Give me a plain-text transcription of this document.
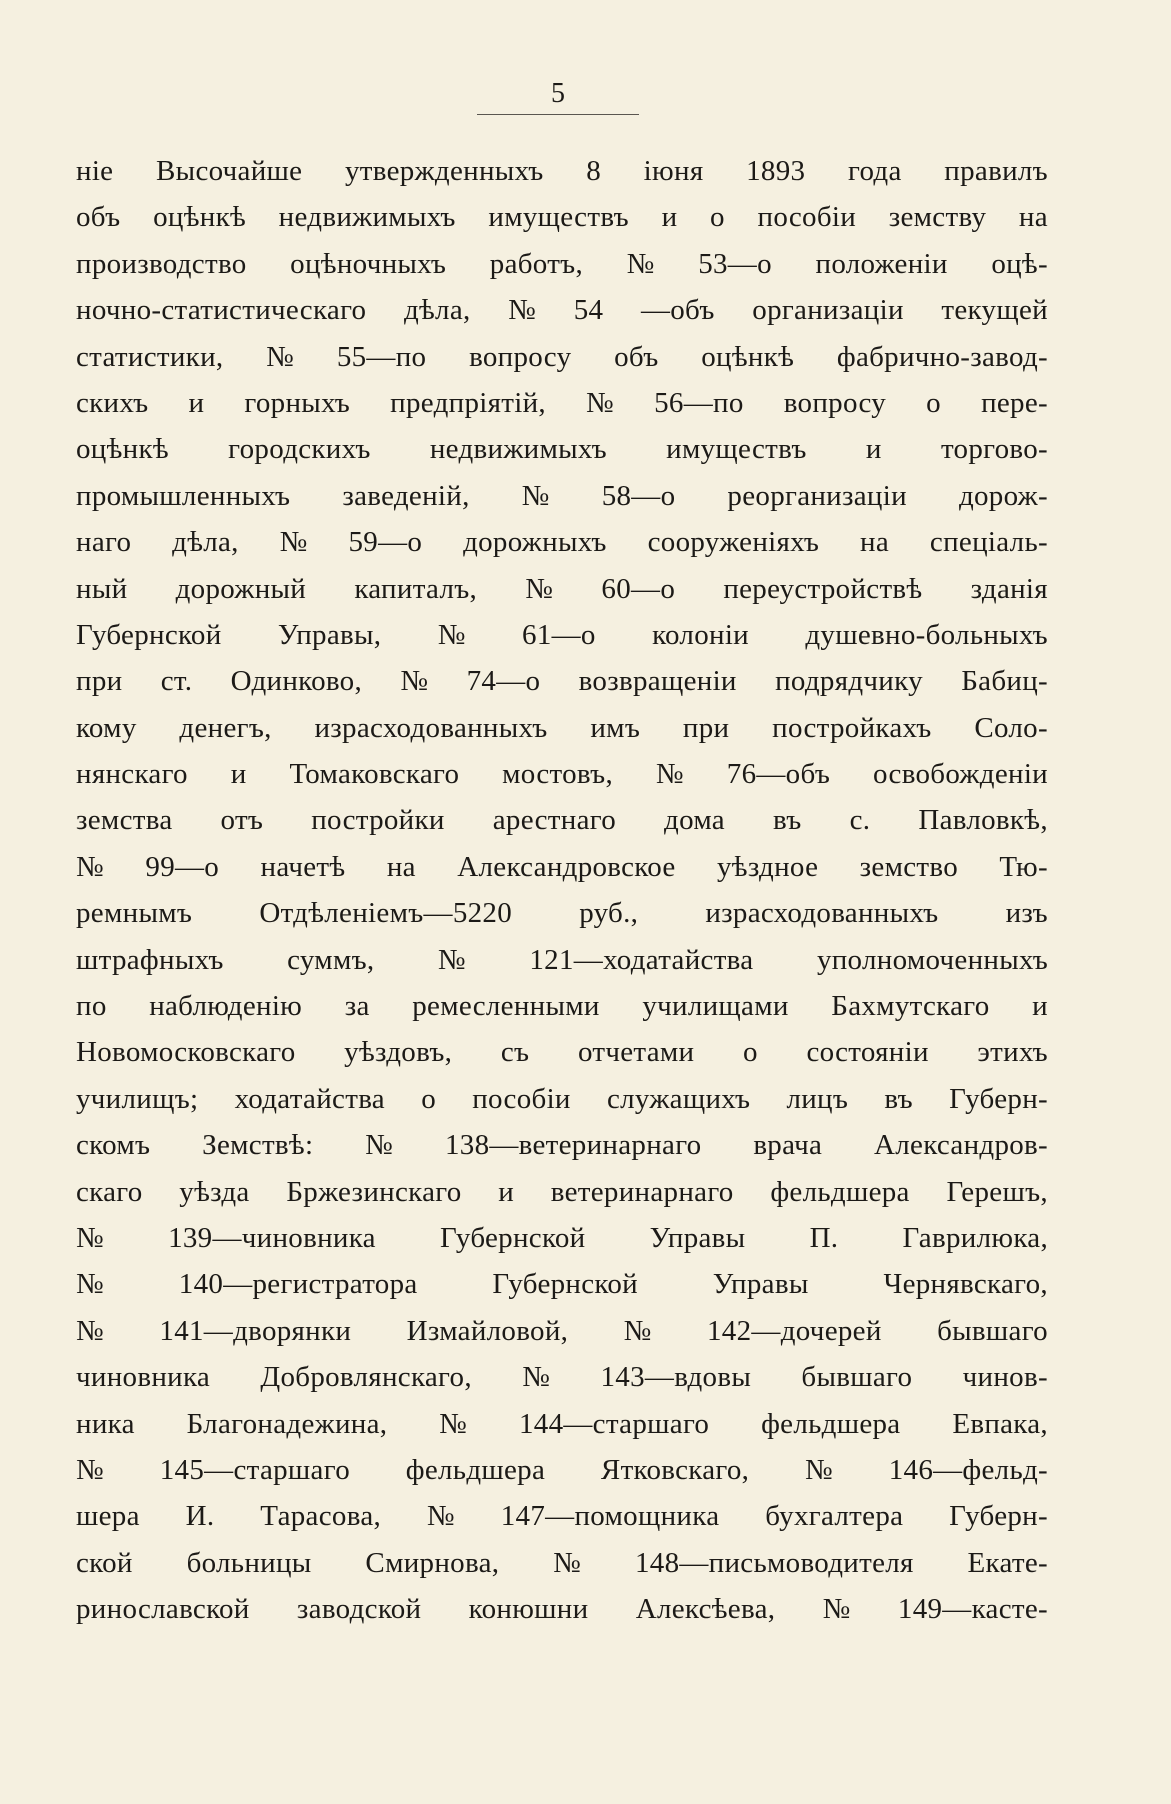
5
ніе Высочайше утвержденныхъ 8 іюня 1893 года правилъ
объ оцѣнкѣ недвижимыхъ имуществъ и о пособіи земству на
производство оцѣночныхъ работъ, № 53—о положеніи оцѣ-
ночно-статистическаго дѣла, № 54 —объ организаціи текущей
статистики, № 55—по вопросу объ оцѣнкѣ фабрично-завод-
скихъ и горныхъ предпріятій, № 56—по вопросу о пере-
оцѣнкѣ городскихъ недвижимыхъ имуществъ и торгово-
промышленныхъ заведеній, № 58—о реорганизаціи дорож-
наго дѣла, № 59—о дорожныхъ сооруженіяхъ на спеціаль-
ный дорожный капиталъ, № 60—о переустройствѣ зданія
Губернской Управы, № 61—о колоніи душевно-больныхъ
при ст. Одинково, № 74—о возвращеніи подрядчику Бабиц-
кому денегъ, израсходованныхъ имъ при постройкахъ Соло-
нянскаго и Томаковскаго мостовъ, № 76—объ освобожденіи
земства отъ постройки арестнаго дома въ с. Павловкѣ,
№ 99—о начетѣ на Александровское уѣздное земство Тю-
ремнымъ Отдѣленіемъ—5220 руб., израсходованныхъ изъ
штрафныхъ суммъ, № 121—ходатайства уполномоченныхъ
по наблюденію за ремесленными училищами Бахмутскаго и
Новомосковскаго уѣздовъ, съ отчетами о состояніи этихъ
училищъ; ходатайства о пособіи служащихъ лицъ въ Губерн-
скомъ Земствѣ: № 138—ветеринарнаго врача Александров-
скаго уѣзда Бржезинскаго и ветеринарнаго фельдшера Герешъ,
№ 139—чиновника Губернской Управы П. Гаврилюка,
№	140—регистратора	Губернской	Управы	Чернявскаго,
№ 141—дворянки Измайловой, № 142—дочерей бывшаго
чиновника Добровлянскаго, № 143—вдовы бывшаго чинов-
ника Благонадежина, № 144—старшаго фельдшера Евпака,
№ 145—старшаго фельдшера Ятковскаго, № 146—фельд-
шера И. Тарасова, № 147—помощника бухгалтера Губерн-
ской больницы Смирнова, № 148—письмоводителя Екате-
ринославской заводской конюшни Алексѣева, № 149—касте-
